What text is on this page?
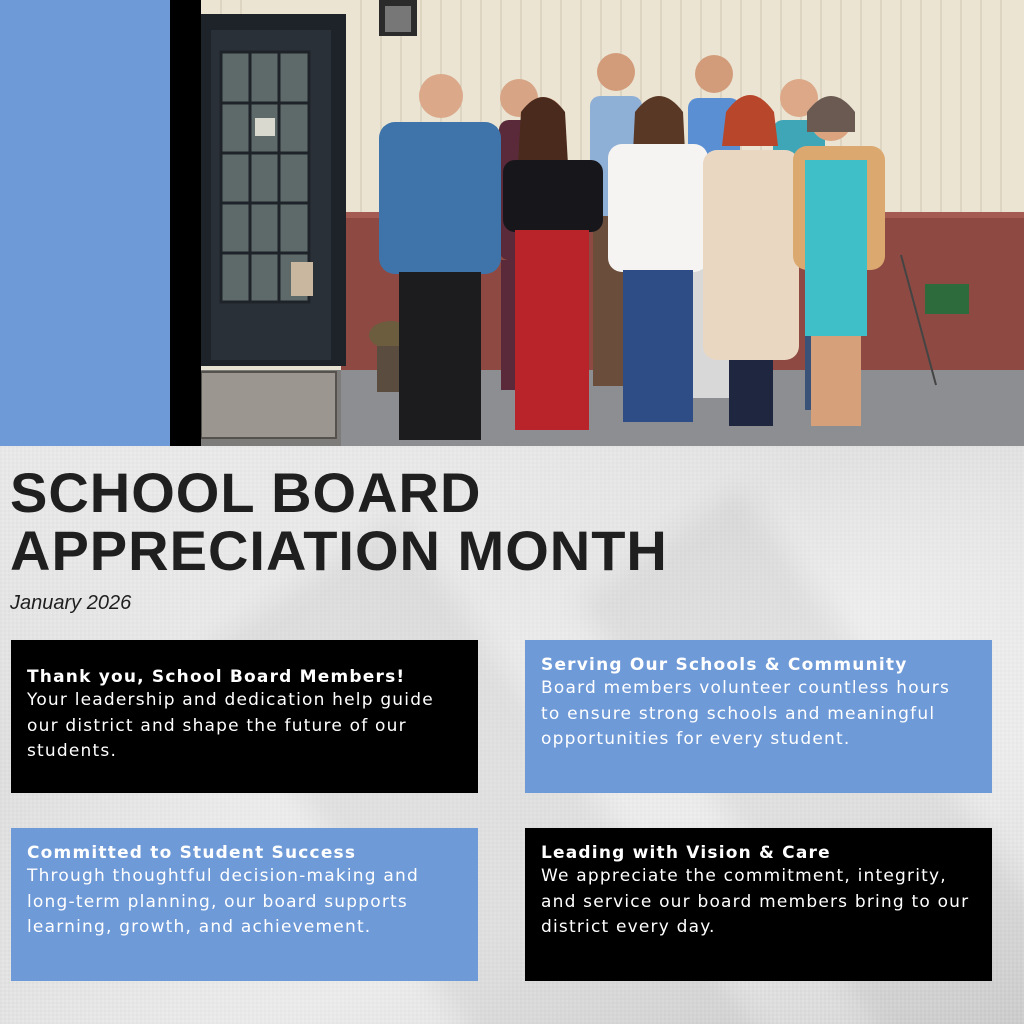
SCHOOL BOARD
APPRECIATION MONTH
January 2026
Thank you, School Board Members!
Your leadership and dedication help guide our district and shape the future of our students.
Serving Our Schools & Community
Board members volunteer countless hours to ensure strong schools and meaningful opportunities for every student.
Committed to Student Success
Through thoughtful decision-making and long-term planning, our board supports learning, growth, and achievement.
Leading with Vision & Care
We appreciate the commitment, integrity, and service our board members bring to our district every day.
